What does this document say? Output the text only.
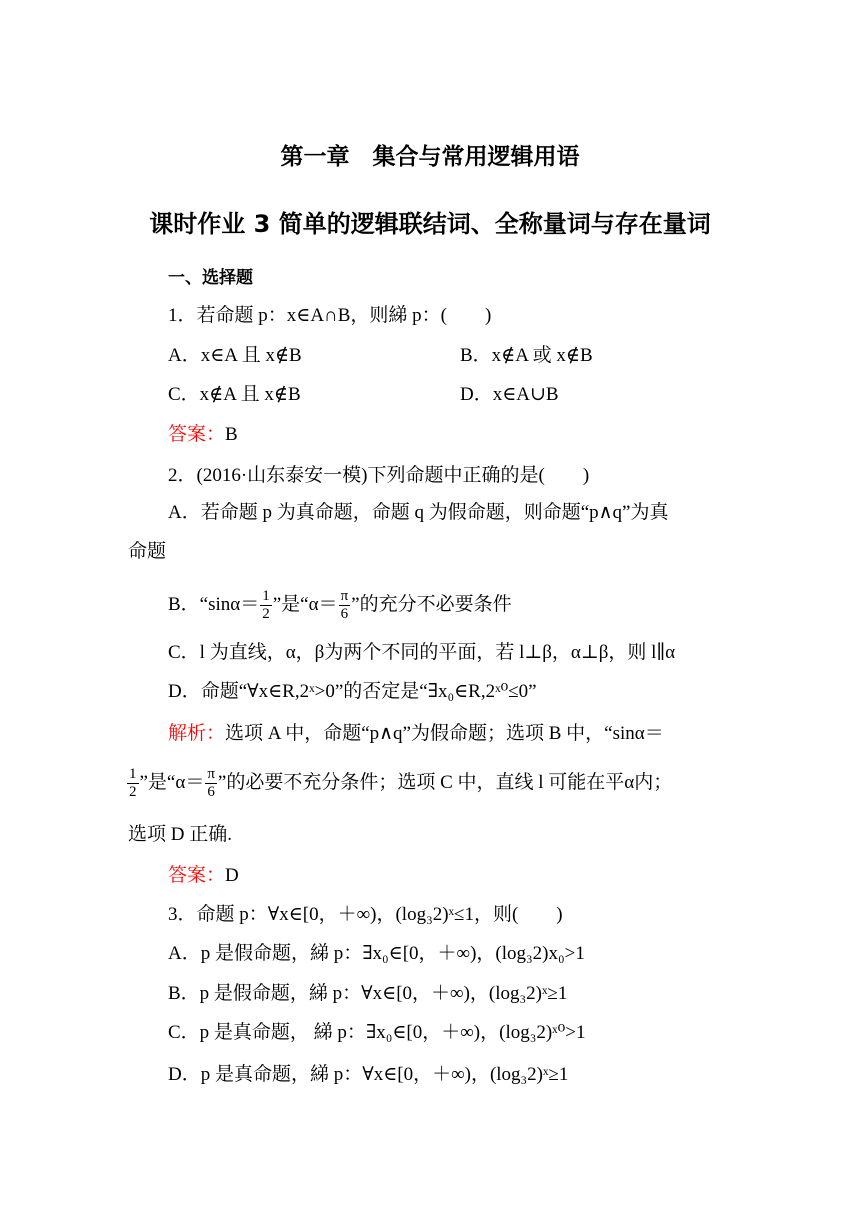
第一章　集合与常用逻辑用语
课时作业 3 简单的逻辑联结词、全称量词与存在量词
一、选择题
1．若命题 p：x∈A∩B，则綈 p：(　　)
A．x∈A 且 x∉B	B．x∉A 或 x∉B
C．x∉A 且 x∉B	D．x∈A∪B
答案：B
2．(2016·山东泰安一模)下列命题中正确的是(　　)
A．若命题 p 为真命题，命题 q 为假命题，则命题“p∧q”为真
命题
B．“$\sin\alpha= \frac{1}{2}$ ”是“$\alpha= \frac{\pi}{6}$ ”的充分不必要条件
C．l 为直线，α，β为两个不同的平面，若 l⊥β，α⊥β，则 l∥α
D．命题“∀x∈R,2ˣ>0”的否定是“∃x₀∈R,2ˣ⁰≤0”
解析：选项 A 中，命题“p∧q”为假命题；选项 B 中，“sinα＝
$\frac{1}{2}$ ”是“$\alpha= \frac{\pi}{6}$ ”的必要不充分条件；选项 C 中，直线 l 可能在平α内；
选项 D 正确.
答案：D
3．命题 p：∀x∈[0，＋∞)，(log₃2)ˣ≤1，则(　　)
A．p 是假命题，綈 p：∃x₀∈[0，＋∞)，(log₃2)x₀>1
B．p 是假命题，綈 p：∀x∈[0，＋∞)，(log₃2)ˣ≥1
C．p 是真命题， 綈 p：∃x₀∈[0，＋∞)，(log₃2)ˣ⁰>1
D．p 是真命题，綈 p：∀x∈[0，＋∞)，(log₃2)ˣ≥1
